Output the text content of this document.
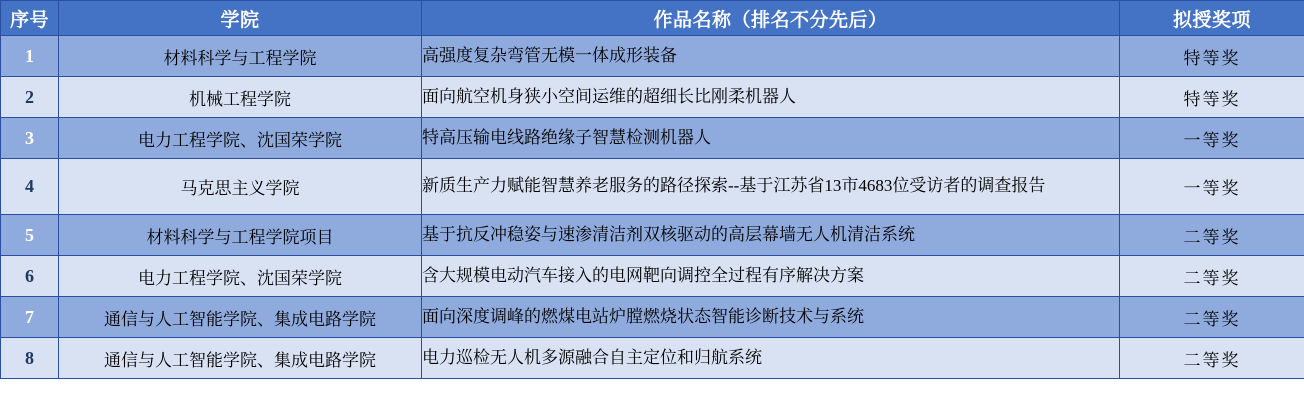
序号	学院	作品名称（排名不分先后）	拟授奖项
1	材料科学与工程学院	高强度复杂弯管无模一体成形装备	特等奖
2	机械工程学院	面向航空机身狭小空间运维的超细长比刚柔机器人	特等奖
3	电力工程学院、沈国荣学院	特高压输电线路绝缘子智慧检测机器人	一等奖
4	马克思主义学院	新质生产力赋能智慧养老服务的路径探索--基于江苏省13市4683位受访者的调查报告	一等奖
5	材料科学与工程学院项目	基于抗反冲稳姿与速渗清洁剂双核驱动的高层幕墙无人机清洁系统	二等奖
6	电力工程学院、沈国荣学院	含大规模电动汽车接入的电网靶向调控全过程有序解决方案	二等奖
7	通信与人工智能学院、集成电路学院	面向深度调峰的燃煤电站炉膛燃烧状态智能诊断技术与系统	二等奖
8	通信与人工智能学院、集成电路学院	电力巡检无人机多源融合自主定位和归航系统	二等奖
